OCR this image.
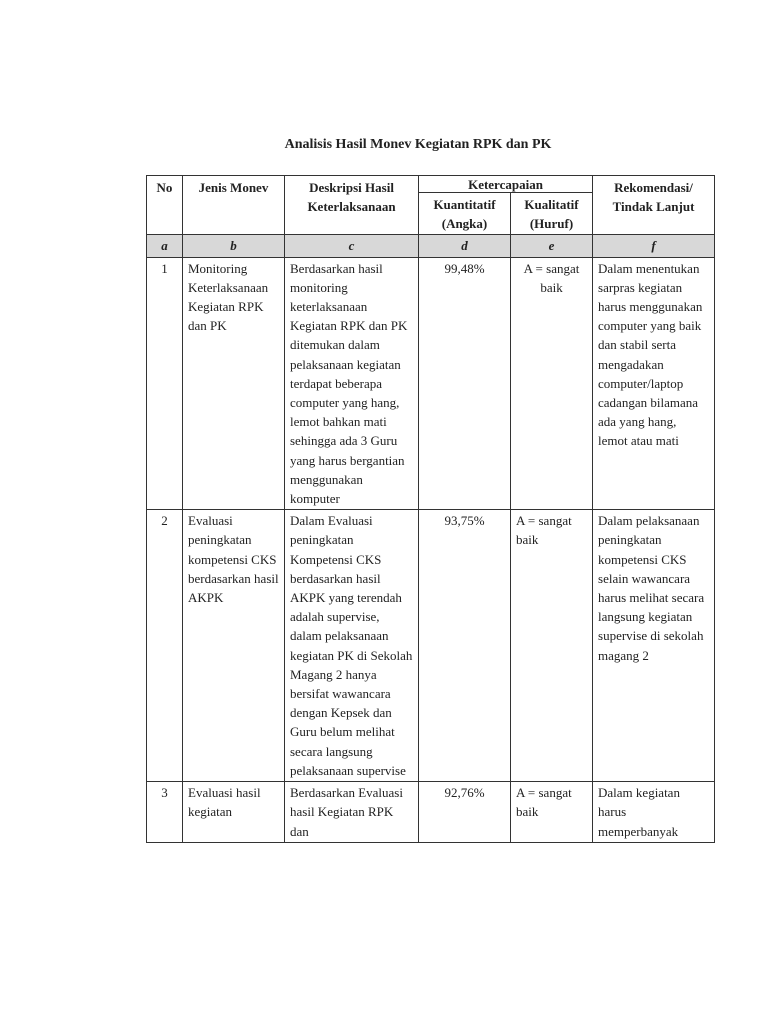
Analisis Hasil Monev Kegiatan RPK dan PK
No	Jenis Monev	Deskripsi Hasil Keterlaksanaan	Ketercapaian		Rekomendasi/ Tindak Lanjut
			Kuantitatif (Angka)	Kualitatif (Huruf)	
a	b	c	d	e	f
1	Monitoring Keterlaksanaan Kegiatan RPK dan PK	Berdasarkan hasil monitoring keterlaksanaan Kegiatan RPK dan PK ditemukan dalam pelaksanaan kegiatan terdapat beberapa computer yang hang, lemot bahkan mati sehingga ada 3 Guru yang harus bergantian menggunakan komputer	99,48%	A = sangat baik	Dalam menentukan sarpras kegiatan harus menggunakan computer yang baik dan stabil serta mengadakan computer/laptop cadangan bilamana ada yang hang, lemot atau mati
2	Evaluasi peningkatan kompetensi CKS berdasarkan hasil AKPK	Dalam Evaluasi peningkatan Kompetensi CKS berdasarkan hasil AKPK yang terendah adalah supervise, dalam pelaksanaan kegiatan PK di Sekolah Magang 2 hanya bersifat wawancara dengan Kepsek dan Guru belum melihat secara langsung pelaksanaan supervise	93,75%	A = sangat baik	Dalam pelaksanaan peningkatan kompetensi CKS selain wawancara harus melihat secara langsung kegiatan supervise di sekolah magang 2
3	Evaluasi hasil kegiatan	Berdasarkan Evaluasi hasil Kegiatan RPK dan	92,76%	A = sangat baik	Dalam kegiatan harus memperbanyak
